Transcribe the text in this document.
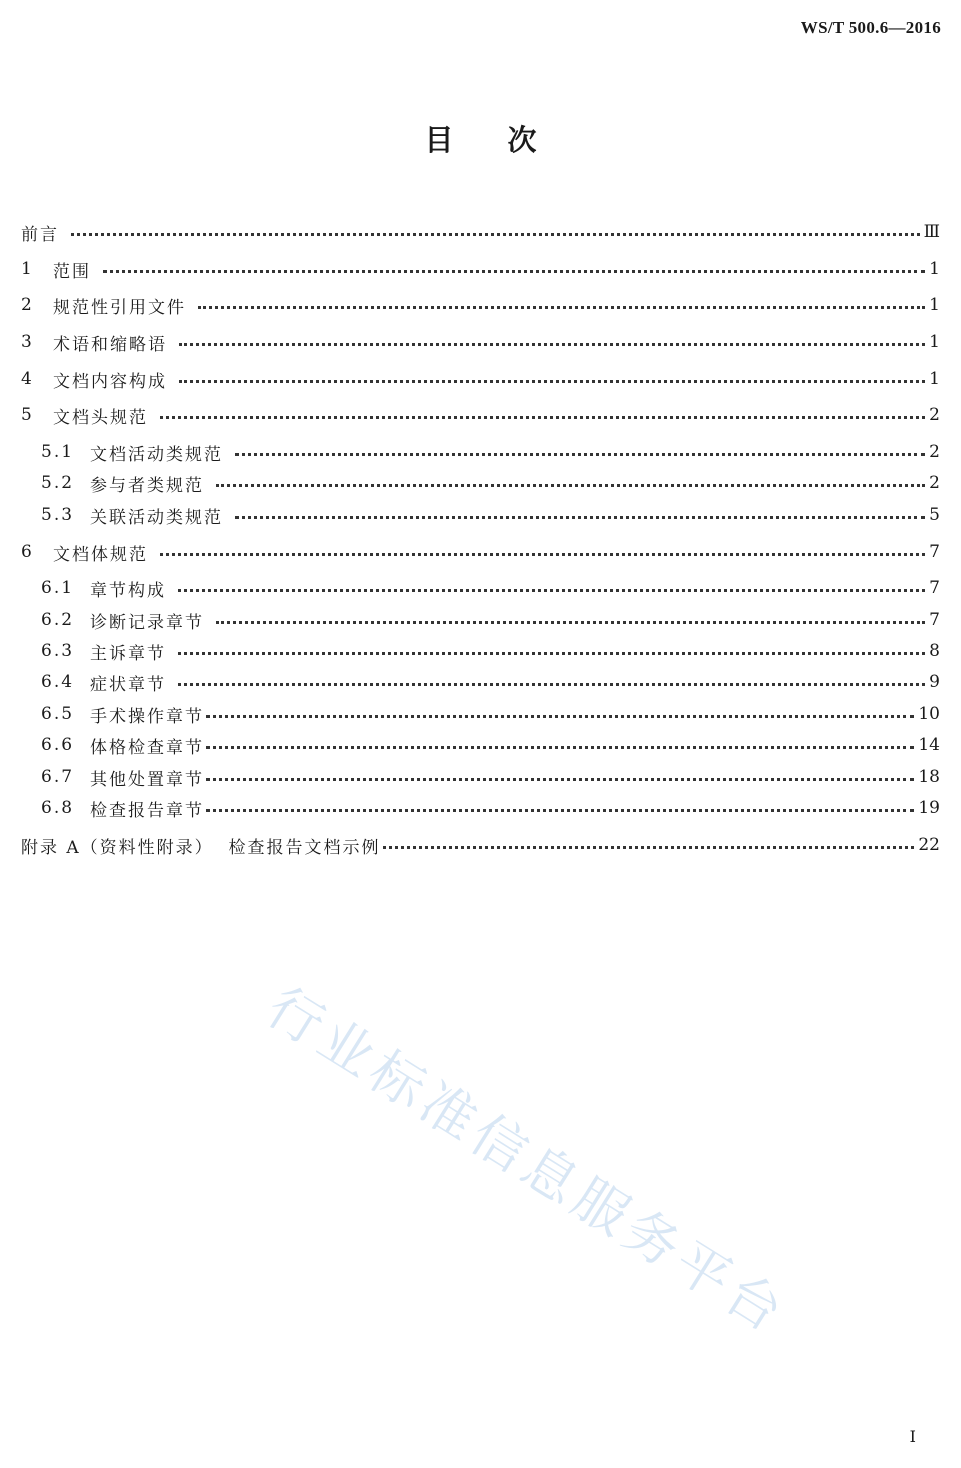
WS/T 500.6—2016
目 次
前言	Ⅲ
1	范围	1
2	规范性引用文件	1
3	术语和缩略语	1
4	文档内容构成	1
5	文档头规范	2
5.1 文档活动类规范	2
5.2 参与者类规范	2
5.3 关联活动类规范	5
6	文档体规范	7
6.1 章节构成	7
6.2 诊断记录章节	7
6.3 主诉章节	8
6.4 症状章节	9
6.5 手术操作章节	10
6.6 体格检查章节	14
6.7 其他处置章节	18
6.8 检查报告章节	19
附录 A（资料性附录）  检查报告文档示例	22
行业标准信息服务平台
I
